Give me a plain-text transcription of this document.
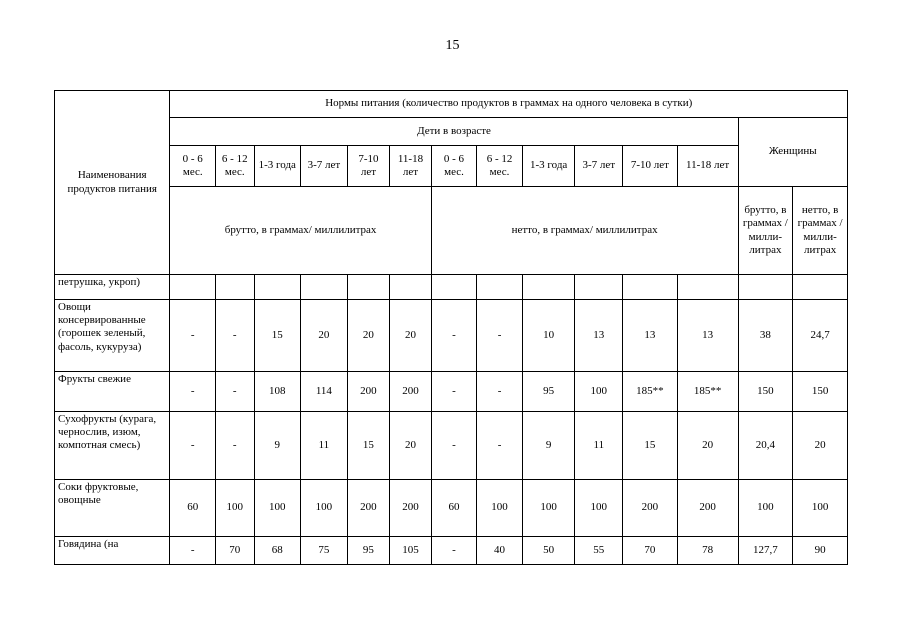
15
Наименования продуктов питания	Нормы питания (количество продуктов в граммах на одного человека в сутки)													
	Дети в возрасте												Женщины	
	0 - 6 мес.	6 - 12 мес.	1-3 года	3-7 лет	7-10 лет	11-18 лет	0 - 6 мес.	6 - 12 мес.	1-3 года	3-7 лет	7-10 лет	11-18 лет		
	брутто, в граммах/ миллилитрах						нетто, в граммах/ миллилитрах						брутто, в граммах / милли-литрах	нетто, в граммах / милли-литрах
петрушка, укроп)														
Овощи консервированные (горошек зеленый, фасоль, кукуруза)	-	-	15	20	20	20	-	-	10	13	13	13	38	24,7
Фрукты свежие	-	-	108	114	200	200	-	-	95	100	185**	185**	150	150
Сухофрукты (курага, чернослив, изюм, компотная смесь)	-	-	9	11	15	20	-	-	9	11	15	20	20,4	20
Соки фруктовые, овощные	60	100	100	100	200	200	60	100	100	100	200	200	100	100
Говядина (на	-	70	68	75	95	105	-	40	50	55	70	78	127,7	90
